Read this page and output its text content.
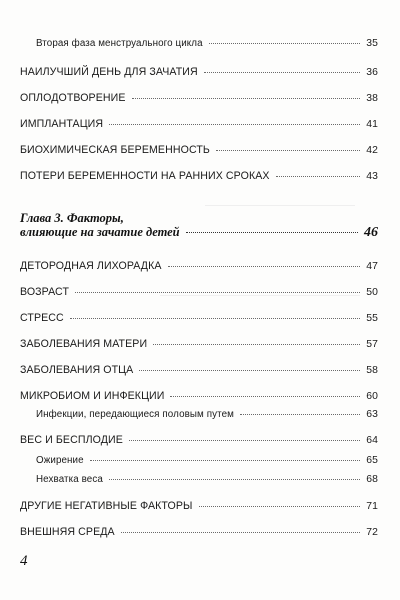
Вторая фаза менструального цикла	35
НАИЛУЧШИЙ ДЕНЬ ДЛЯ ЗАЧАТИЯ	36
ОПЛОДОТВОРЕНИЕ	38
ИМПЛАНТАЦИЯ	41
БИОХИМИЧЕСКАЯ БЕРЕМЕННОСТЬ	42
ПОТЕРИ БЕРЕМЕННОСТИ НА РАННИХ СРОКАХ	43
Глава 3. Факторы,
влияющие на зачатие детей	46
ДЕТОРОДНАЯ ЛИХОРАДКА	47
ВОЗРАСТ	50
СТРЕСС	55
ЗАБОЛЕВАНИЯ МАТЕРИ	57
ЗАБОЛЕВАНИЯ ОТЦА	58
МИКРОБИОМ И ИНФЕКЦИИ	60
Инфекции, передающиеся половым путем	63
ВЕС И БЕСПЛОДИЕ	64
Ожирение	65
Нехватка веса	68
ДРУГИЕ НЕГАТИВНЫЕ ФАКТОРЫ	71
ВНЕШНЯЯ СРЕДА	72
4
